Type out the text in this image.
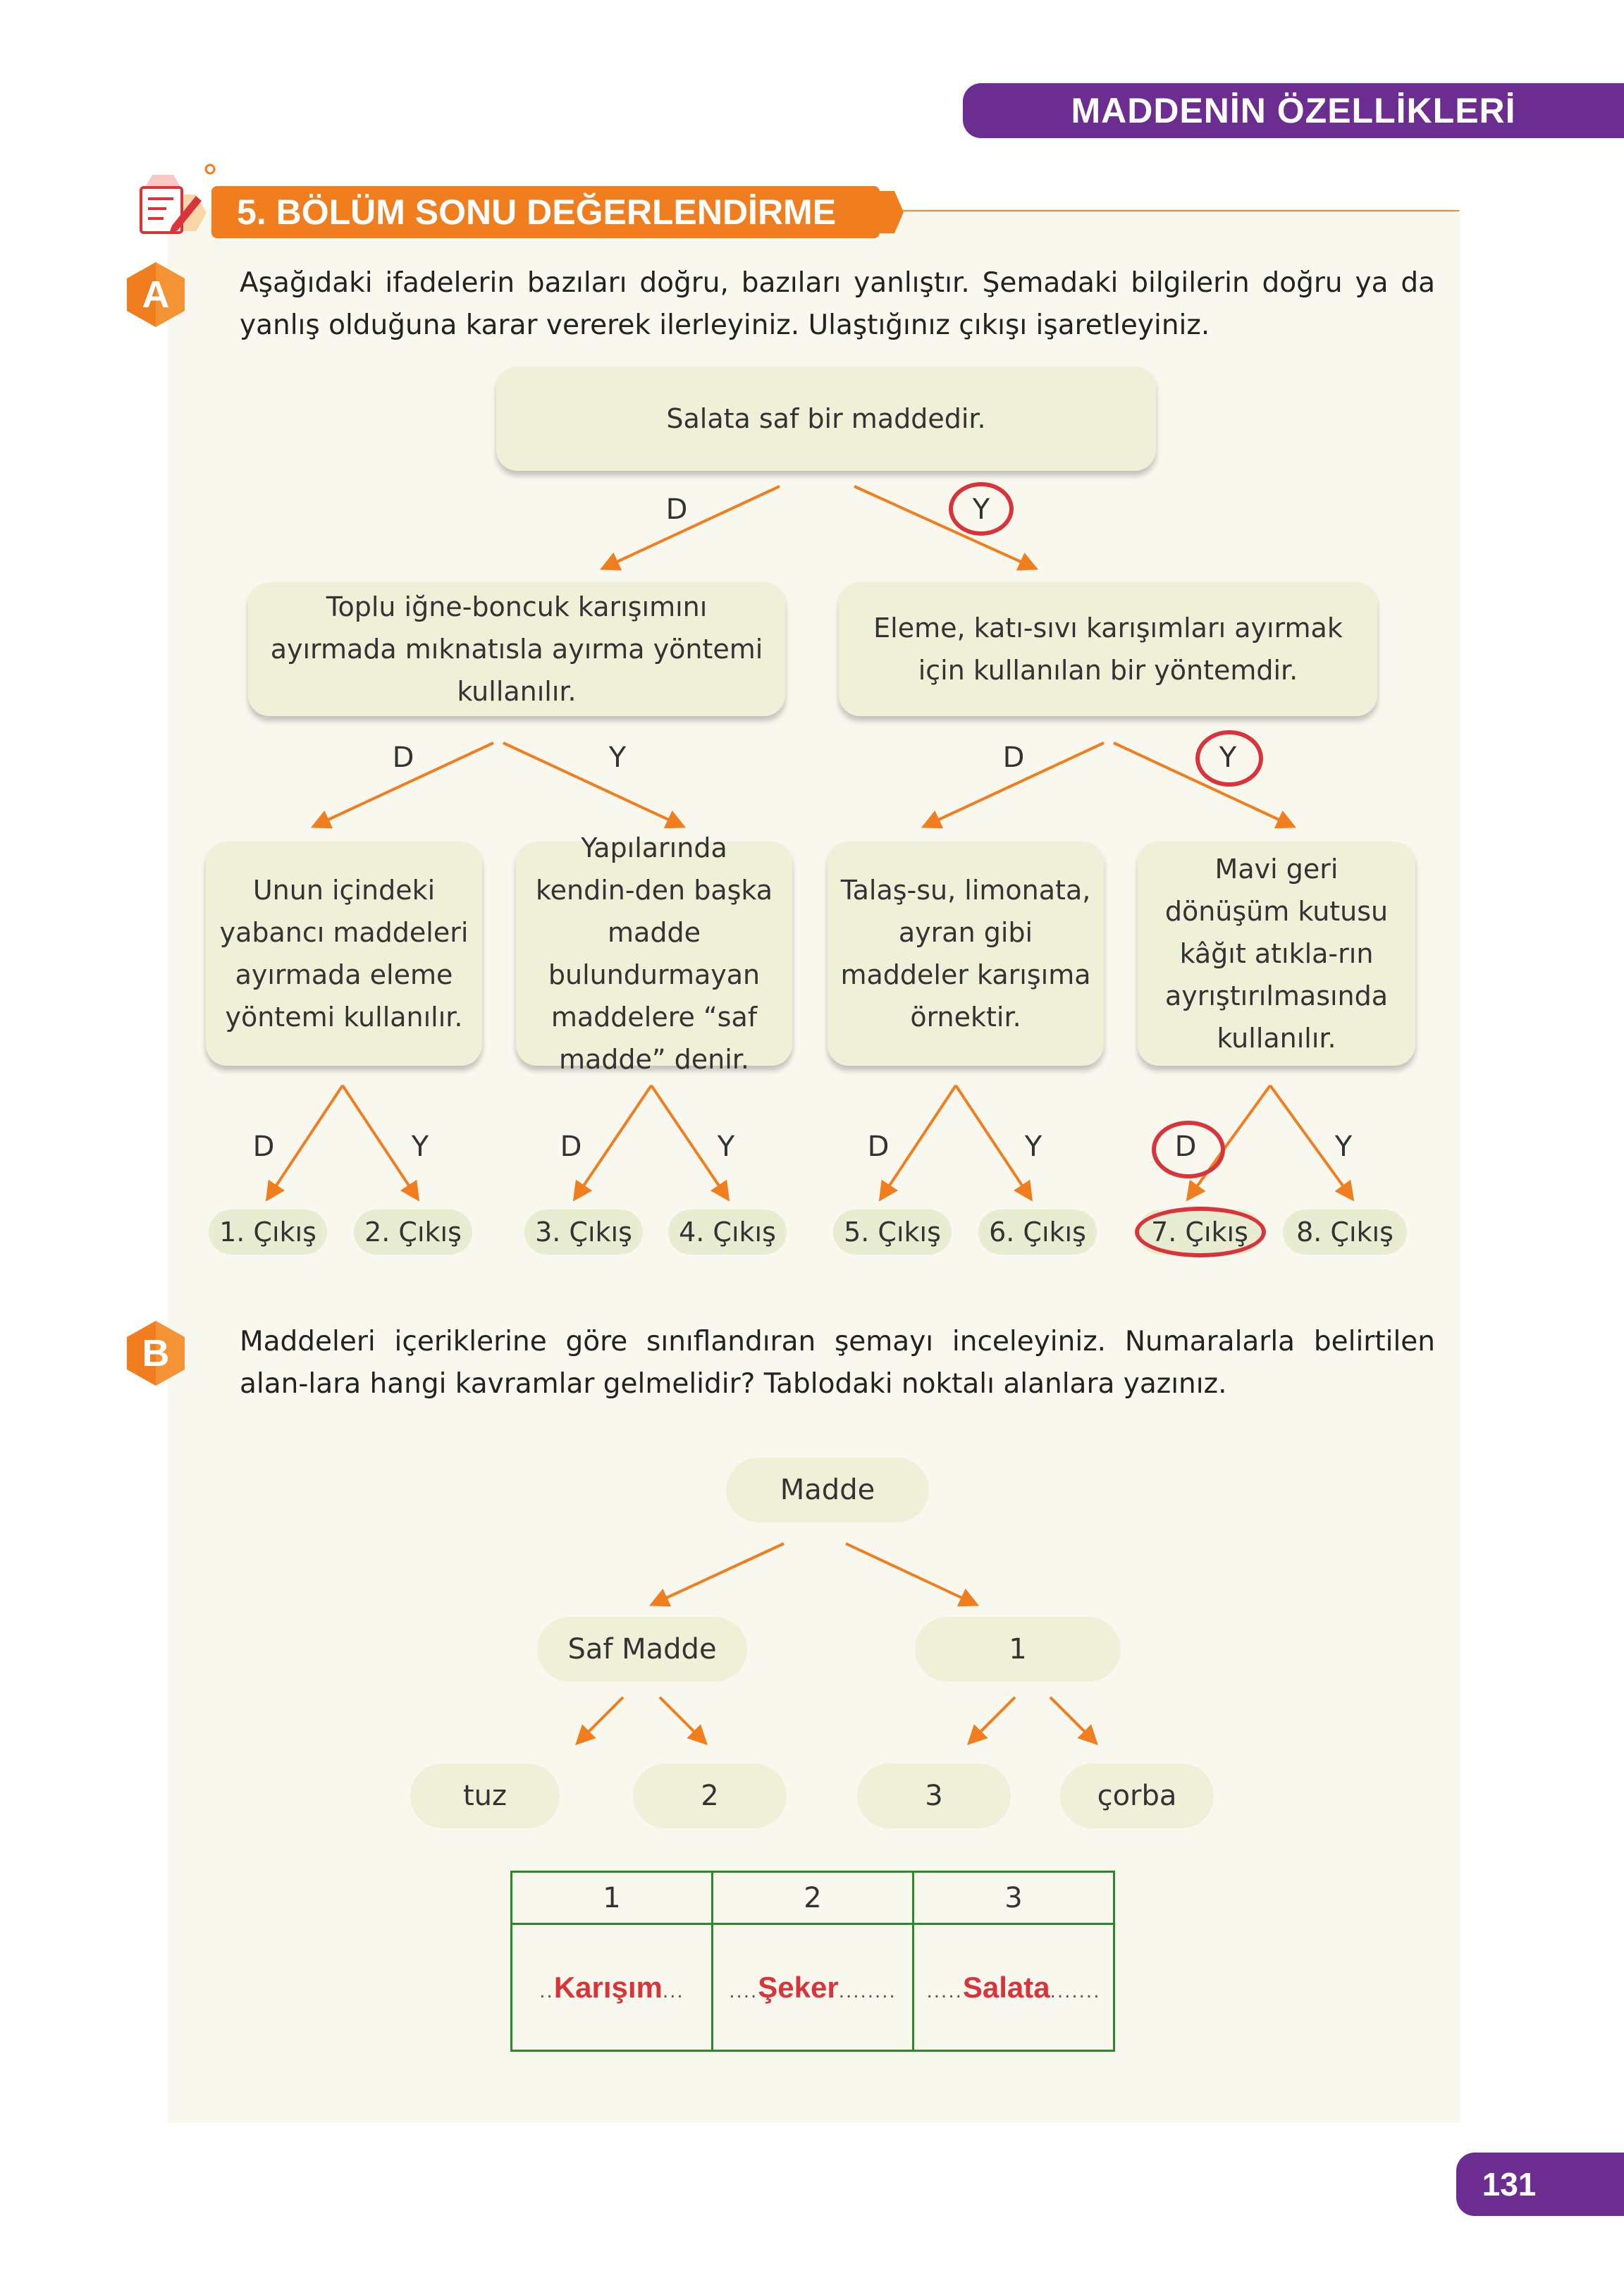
MADDENİN ÖZELLİKLERİ
5. BÖLÜM SONU DEĞERLENDİRME
A	Aşağıdaki ifadelerin bazıları doğru, bazıları yanlıştır. Şemadaki bilgilerin doğru ya da yanlış olduğuna karar vererek ilerleyiniz. Ulaştığınız çıkışı işaretleyiniz.
Salata saf bir maddedir.
D	Y
Toplu iğne-boncuk karışımını ayırmada mıknatısla ayırma yöntemi kullanılır.
Eleme, katı-sıvı karışımları ayırmak için kullanılan bir yöntemdir.
D	Y	D	Y
Unun içindeki yabancı maddeleri ayırmada eleme yöntemi kullanılır.
Yapılarında kendin-den başka madde bulundurmayan maddelere “saf madde” denir.
Talaş-su, limonata, ayran gibi maddeler karışıma örnektir.
Mavi geri dönüşüm kutusu kâğıt atıkla-rın ayrıştırılmasında kullanılır.
D	Y	D	Y	D	Y	D	Y
1. Çıkış	2. Çıkış	3. Çıkış	4. Çıkış	5. Çıkış	6. Çıkış	7. Çıkış	8. Çıkış
B	Maddeleri içeriklerine göre sınıflandıran şemayı inceleyiniz. Numaralarla belirtilen alan-lara hangi kavramlar gelmelidir? Tablodaki noktalı alanlara yazınız.
Madde
Saf Madde	1
tuz	2	3	çorba
1	2	3
..Karışım...	....Şeker........	.....Salata.......
131
